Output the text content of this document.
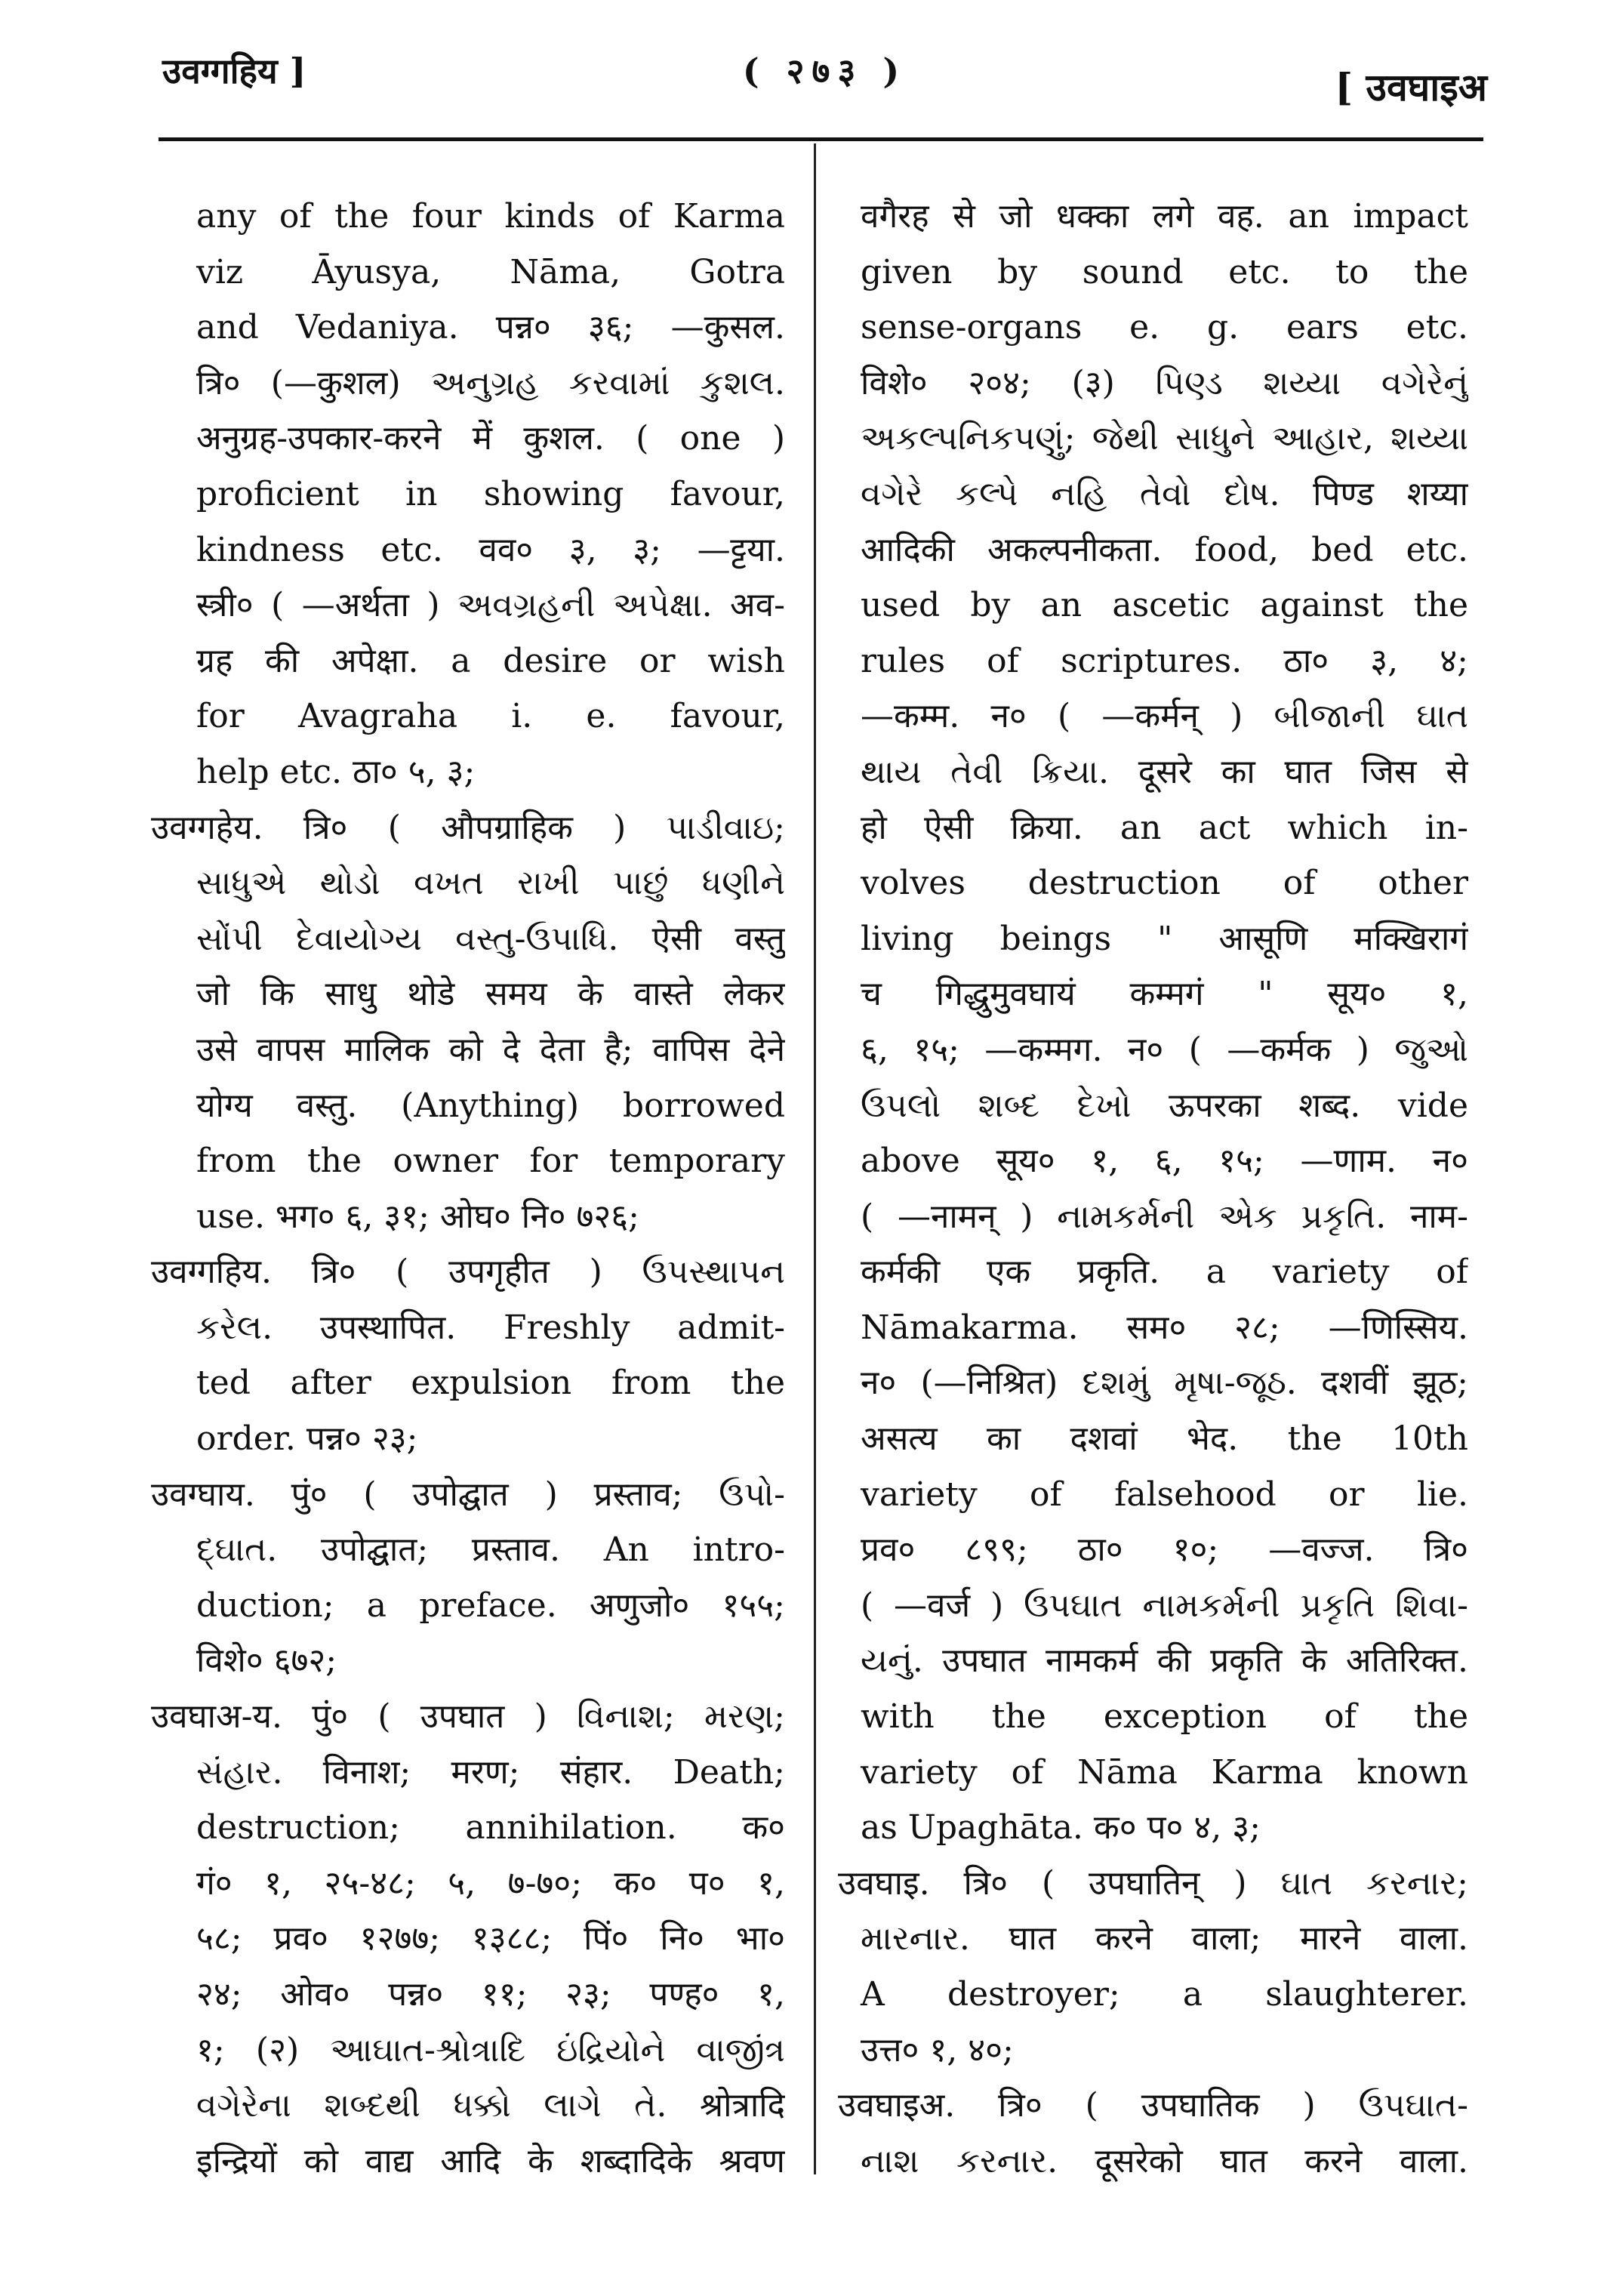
उवग्गहिय ]	( २७३ )	[ उवघाइअ
any of the four kinds of Karma
viz Āyusya, Nāma, Gotra
and Vedaniya. पन्न० ३६; —कुसल.
त्रि० (—कुशल) અનુગ્રહ કરવામાં કુશલ.
अनुग्रह-उपकार-करने में कुशल. ( one )
proficient in showing favour,
kindness etc. वव० ३, ३; —ट्टया.
स्त्री० ( —अर्थता ) અવગ્રહની અપેક્ષા. अव-
ग्रह की अपेक्षा. a desire or wish
for Avagraha i. e. favour,
help etc. ठा० ५, ३;
उवग्गहेय. त्रि० ( औपग्राहिक ) પાડીવાઇ;
સાધુએ થોડો વખત રાખી પાછું ધણીને
સોંપી દેવાયોગ્ય વસ્તુ-ઉપાધિ. ऐसी वस्तु
जो कि साधु थोडे समय के वास्ते लेकर
उसे वापस मालिक को दे देता है; वापिस देने
योग्य वस्तु. (Anything) borrowed
from the owner for temporary
use. भग० ६, ३१; ओघ० नि० ७२६;
उवग्गहिय. त्रि० ( उपगृहीत ) ઉપસ્થાપન
કરેલ. उपस्थापित. Freshly admit-
ted after expulsion from the
order. पन्न० २३;
उवग्घाय. पुं० ( उपोद्घात ) प्रस्ताव; ઉપો-
દ્ઘાત. उपोद्घात; प्रस्ताव. An intro-
duction; a preface. अणुजो० १५५;
विशे० ६७२;
उवघाअ-य. पुं० ( उपघात ) વિનાશ; મરણ;
સંહાર. विनाश; मरण; संहार. Death;
destruction; annihilation. क०
गं० १, २५-४८; ५, ७-७०; क० प० १,
५८; प्रव० १२७७; १३८८; पिं० नि० भा०
२४; ओव० पन्न० ११; २३; पण्ह० १,
१; (२) આઘાત-શ્રોત્રાદિ ઇંદ્રિયોને વાજીંત્ર
વગેરેના શબ્દથી ધક્કો લાગે તે. श्रोत्रादि
इन्द्रियों को वाद्य आदि के शब्दादिके श्रवण
वगैरह से जो धक्का लगे वह. an impact
given by sound etc. to the
sense-organs e. g. ears etc.
विशे० २०४; (३) પિણ્ડ શય્યા વગેરેનું
અકલ્પનિકપણું; જેથી સાધુને આહાર, શય્યા
વગેરે કલ્પે નહિ તેવો દોષ. पिण्ड शय्या
आदिकी अकल्पनीकता. food, bed etc.
used by an ascetic against the
rules of scriptures. ठा० ३, ४;
—कम्म. न० ( —कर्मन् ) બીજાની ઘાત
થાય તેવી ક્રિયા. दूसरे का घात जिस से
हो ऐसी क्रिया. an act which in-
volves destruction of other
living beings " आसूणि मक्खिरागं
च गिद्धुमुवघायं कम्मगं " सूय० १,
६, १५; —कम्मग. न० ( —कर्मक ) જુઓ
ઉપલો શબ્દ દેખો ऊपरका शब्द. vide
above सूय० १, ६, १५; —णाम. न०
( —नामन् ) નામકર્મની એક પ્રકૃતિ. नाम-
कर्मकी एक प्रकृति. a variety of
Nāmakarma. सम० २८; —णिस्सिय.
न० (—निश्रित) દશમું મૃષા-જૂઠ. दशवीं झूठ;
असत्य का दशवां भेद. the 10th
variety of falsehood or lie.
प्रव० ८९९; ठा० १०; —वज्ज. त्रि०
( —वर्ज ) ઉપઘાત નામકર્મની પ્રકૃતિ શિવા-
યનું. उपघात नामकर्म की प्रकृति के अतिरिक्त.
with the exception of the
variety of Nāma Karma known
as Upaghāta. क० प० ४, ३;
उवघाइ. त्रि० ( उपघातिन् ) ઘાત કરનાર;
મારનાર. घात करने वाला; मारने वाला.
A destroyer; a slaughterer.
उत्त० १, ४०;
उवघाइअ. त्रि० ( उपघातिक ) ઉપઘાત-
નાશ કરનાર. दूसरेको घात करने वाला.
